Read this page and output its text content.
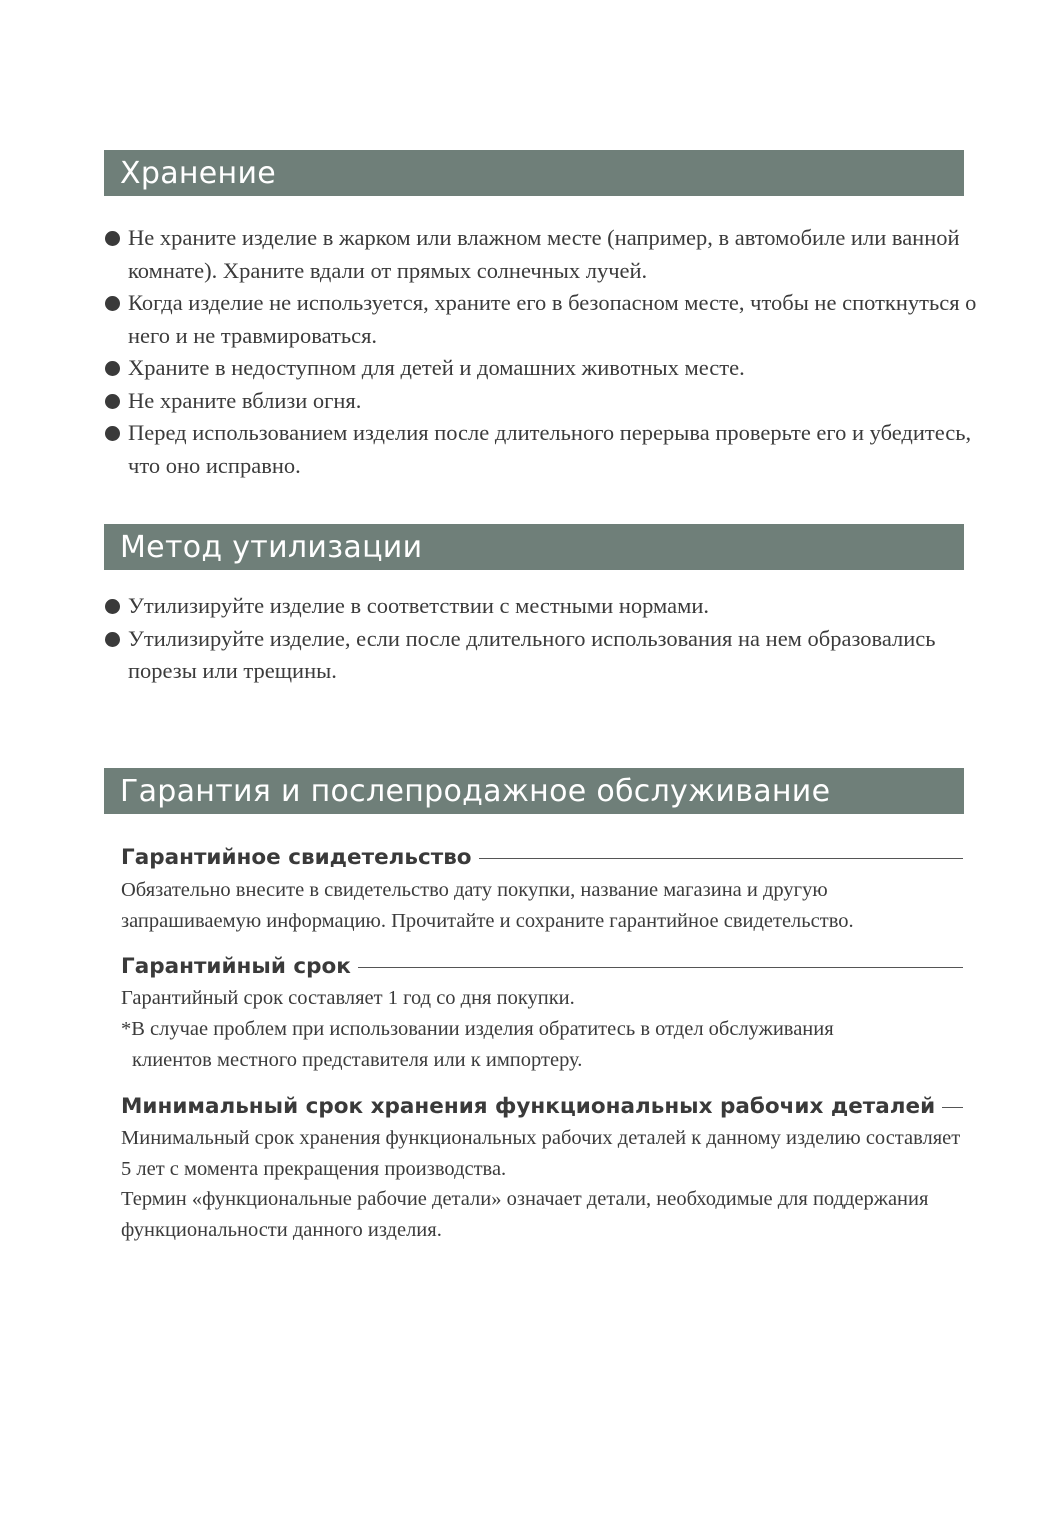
Хранение
Не храните изделие в жарком или влажном месте (например, в автомобиле или ванной комнате). Храните вдали от прямых солнечных лучей.
Когда изделие не используется, храните его в безопасном месте, чтобы не споткнуться о него и не травмироваться.
Храните в недоступном для детей и домашних животных месте.
Не храните вблизи огня.
Перед использованием изделия после длительного перерыва проверьте его и убедитесь, что оно исправно.
Метод утилизации
Утилизируйте изделие в соответствии с местными нормами.
Утилизируйте изделие, если после длительного использования на нем образовались порезы или трещины.
Гарантия и послепродажное обслуживание
Гарантийное свидетельство

Обязательно внесите в свидетельство дату покупки, название магазина и другую запрашиваемую информацию. Прочитайте и сохраните гарантийное свидетельство.

Гарантийный срок

Гарантийный срок составляет 1 год со дня покупки.

*В случае проблем при использовании изделия обратитесь в отдел обслуживания

клиентов местного представителя или к импортеру.

Минимальный срок хранения функциональных рабочих деталей

Минимальный срок хранения функциональных рабочих деталей к данному изделию составляет 5 лет с момента прекращения производства.

Термин «функциональные рабочие детали» означает детали, необходимые для поддержания функциональности данного изделия.
